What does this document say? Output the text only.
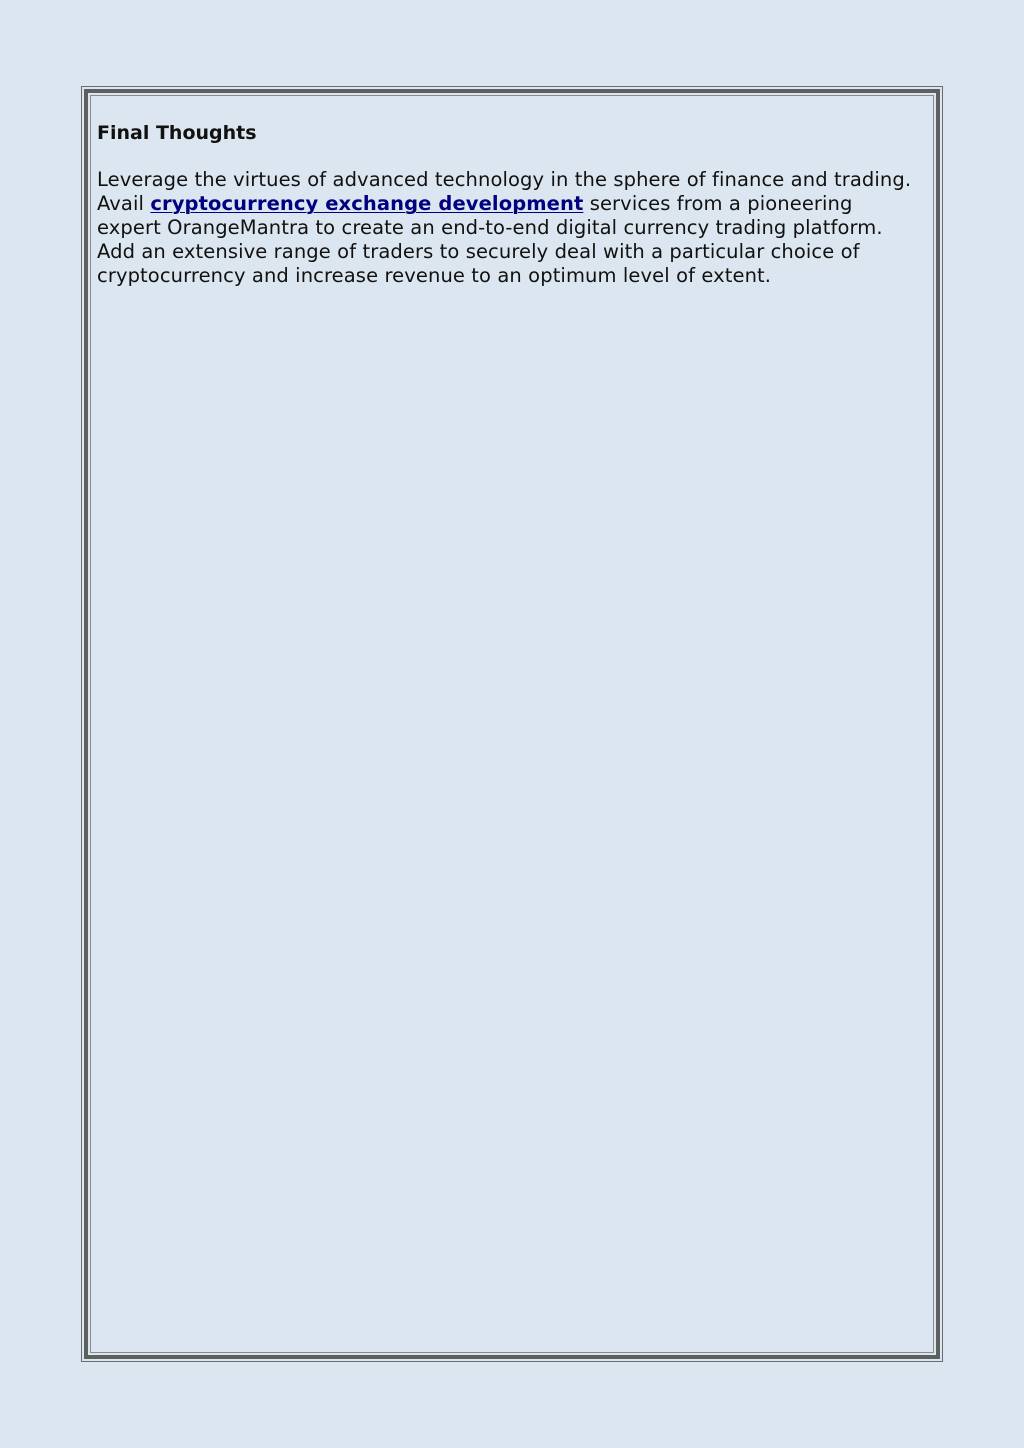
Final Thoughts

Leverage the virtues of advanced technology in the sphere of finance and trading. Avail cryptocurrency exchange development services from a pioneering expert OrangeMantra to create an end-to-end digital currency trading platform. Add an extensive range of traders to securely deal with a particular choice of cryptocurrency and increase revenue to an optimum level of extent.
